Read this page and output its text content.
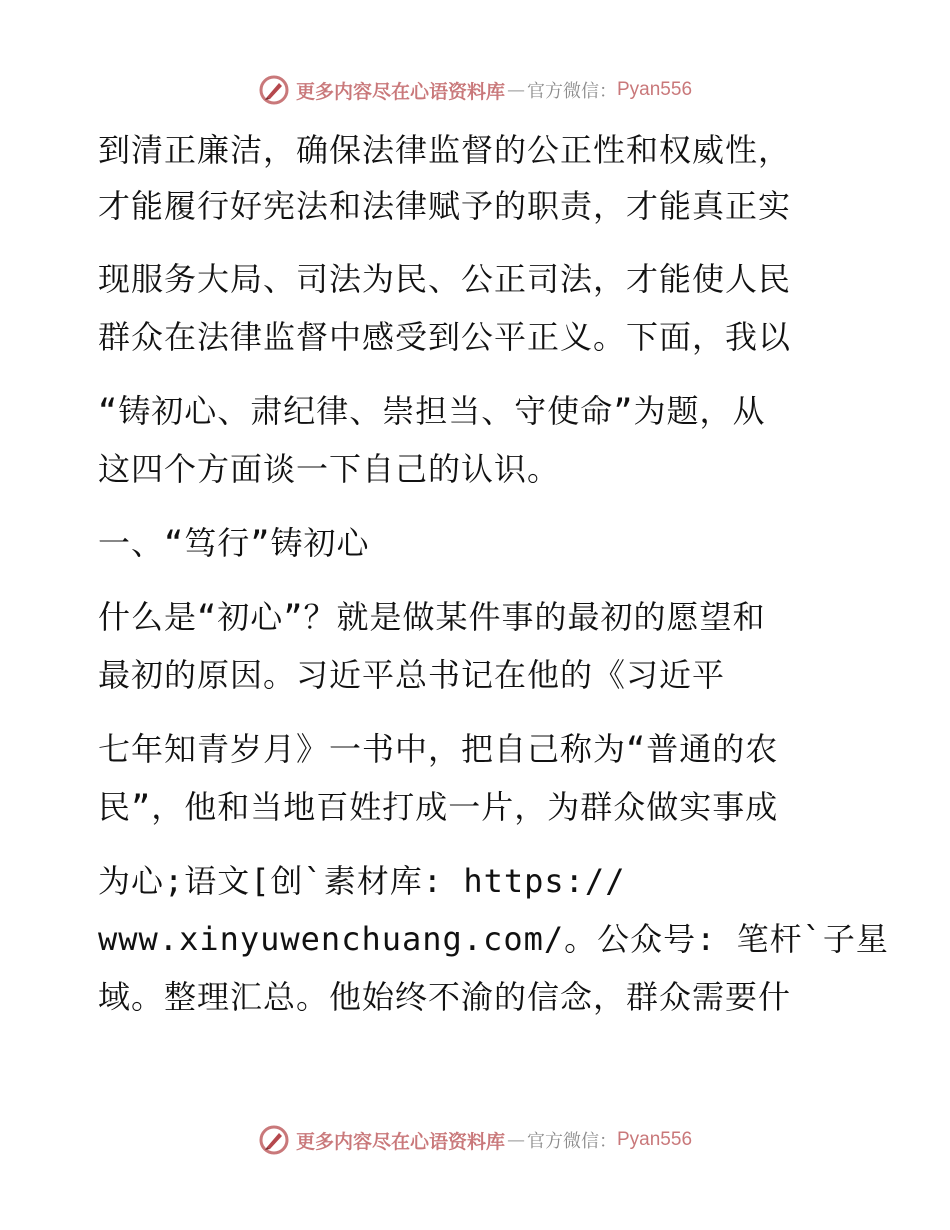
更多内容尽在心语资料库 — 官方微信： Pyan556
到清正廉洁，确保法律监督的公正性和权威性，
才能履行好宪法和法律赋予的职责，才能真正实
现服务大局、司法为民、公正司法，才能使人民
群众在法律监督中感受到公平正义。下面，我以
“铸初心、肃纪律、崇担当、守使命”为题，从
这四个方面谈一下自己的认识。
一、“笃行”铸初心
什么是“初心”？就是做某件事的最初的愿望和
最初的原因。习近平总书记在他的《习近平
七年知青岁月》一书中，把自己称为“普通的农
民”，他和当地百姓打成一片，为群众做实事成
为心;语文[创`素材库: https://
www.xinyuwenchuang.com/。公众号: 笔杆`子星
域。整理汇总。他始终不渝的信念，群众需要什
更多内容尽在心语资料库 — 官方微信： Pyan556
